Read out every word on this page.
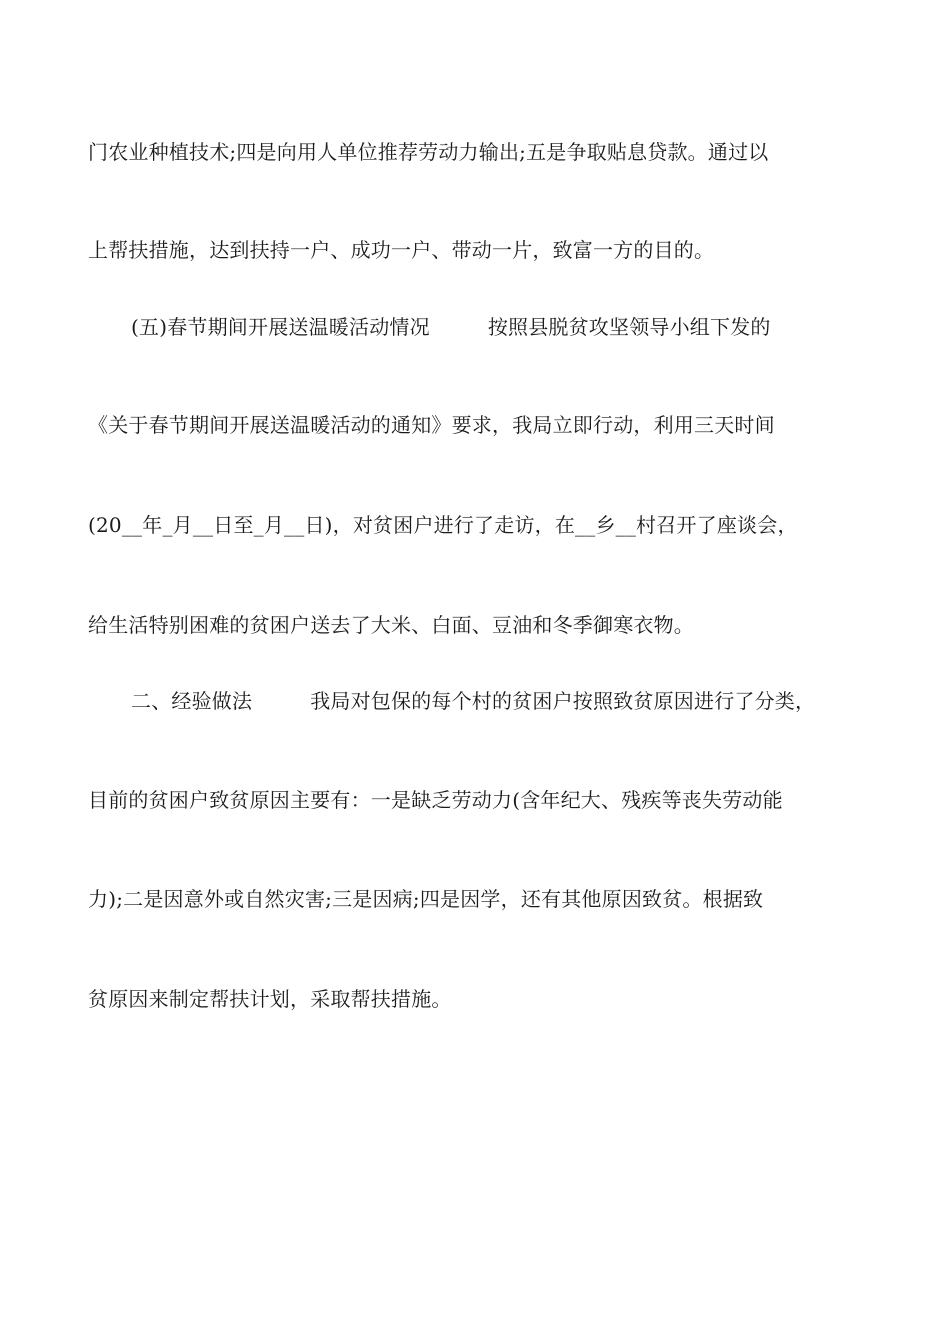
门农业种植技术;四是向用人单位推荐劳动力输出;五是争取贴息贷款。通过以
上帮扶措施，达到扶持一户、成功一户、带动一片，致富一方的目的。
(五)春节期间开展送温暖活动情况	按照县脱贫攻坚领导小组下发的
《关于春节期间开展送温暖活动的通知》要求，我局立即行动，利用三天时间
(20__年_月__日至_月__日)，对贫困户进行了走访，在__乡__村召开了座谈会，
给生活特别困难的贫困户送去了大米、白面、豆油和冬季御寒衣物。
二、经验做法	我局对包保的每个村的贫困户按照致贫原因进行了分类，
目前的贫困户致贫原因主要有：一是缺乏劳动力(含年纪大、残疾等丧失劳动能
力);二是因意外或自然灾害;三是因病;四是因学，还有其他原因致贫。根据致
贫原因来制定帮扶计划，采取帮扶措施。
